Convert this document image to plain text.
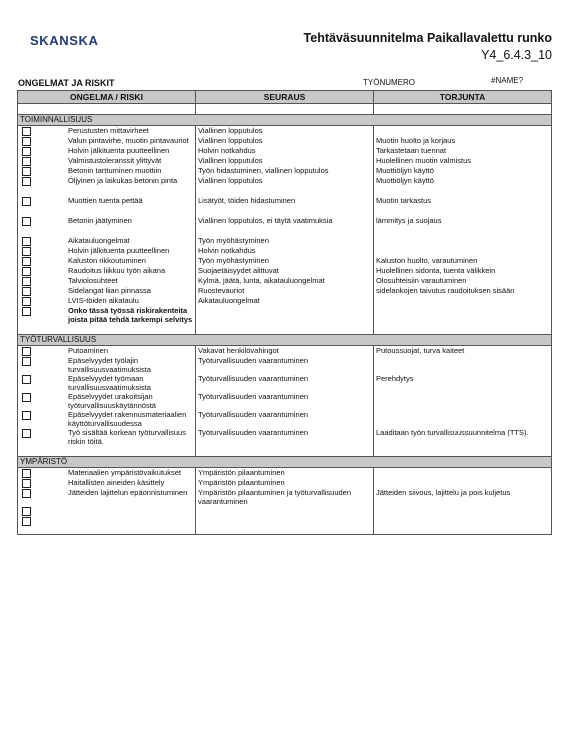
SKANSKA	Tehtäväsuunnitelma Paikallavalettu runko
Y4_6.4.3_10
ONGELMAT JA RISKIT	TYÖNUMERO	#NAME?
ONGELMA / RISKI	SEURAUS	TORJUNTA

TOIMINNALLISUUS		

Perustusten mittavirheet	Viallinen lopputulos	

Valun pintavirhe, muotin pintavauriot	Viallinen lopputulos	Muotin huolto ja korjaus

Holvin jälkituenta puutteellinen	Holvin notkahdus	Tarkastetaan tuennat

Valmistustoleranssit ylittyvät	Viallinen lopputulos	Huolellinen muotin valmistus

Betonin tarttuminen muottiin	Työn hidastuminen, viallinen lopputulos	Muottiöljyn käyttö

Öljyinen ja laikukas betonin pinta	Viallinen lopputulos	Muottiöljyn käyttö

Muottien tuenta pettää	Lisätyöt, töiden hidastuminen	Muotin tarkastus

Betonin jäätyminen	Viallinen lopputulos, ei täytä vaatimuksia	lämmitys ja suojaus

Aikatauluongelmat	Työn myöhästyminen	

Holvin jälkituenta puutteellinen	Holvin notkahdus	

Kaluston rikkoutuminen	Työn myöhästyminen	Kaluston huolto, varautuminen

Raudoitus liikkuu työn aikana	Suojaetäisyydet alittuvat	Huolellinen sidonta, tuenta välikkein

Talviolosuhteet	Kylmä, jäätä, lunta, aikatauluongelmat	Olosuhteisiin varautuminen

Sidelangat liian pinnassa	Ruostevauriot	sidelankojen taivutus raudoituksen sisään

LVIS-töiden aikataulu	Aikatauluongelmat	

Onko tässä työssä riskirakenteita joista pitää tehdä tarkempi selvitys		

TYÖTURVALLISUUS		

Putoaminen	Vakavat henkilövahingot	Putoussuojat, turva kaiteet

Epäselvyydet työlajin turvallisuusvaatimuksista	Työturvallisuuden vaarantuminen	

Epäselvyydet työmaan turvallisuusvaatimuksista	Työturvallisuuden vaarantuminen	Perehdytys

Epäselvyydet urakoitsijan työturvallisuuskäytännöstä	Työturvallisuuden vaarantuminen	

Epäselvyydet rakennusmateriaalien käyttöturvallisuudessa	Työturvallisuuden vaarantuminen	

Työ sisältää korkean työturvallisuus riskin töitä.	Työturvallisuuden vaarantuminen	Laaditaan työn turvallisuussuunnitelma (TTS).

YMPÄRISTÖ		

Materiaalien ympäristövaikutukset	Ympäristön pilaantuminen	

Haitallisten aineiden käsittely	Ympäristön pilaantuminen	

Jätteiden lajittelun epäonnistuminen	Ympäristön pilaantuminen ja työturvallisuuden vaarantuminen	Jätteiden siivous, lajittelu ja pois kuljetus
